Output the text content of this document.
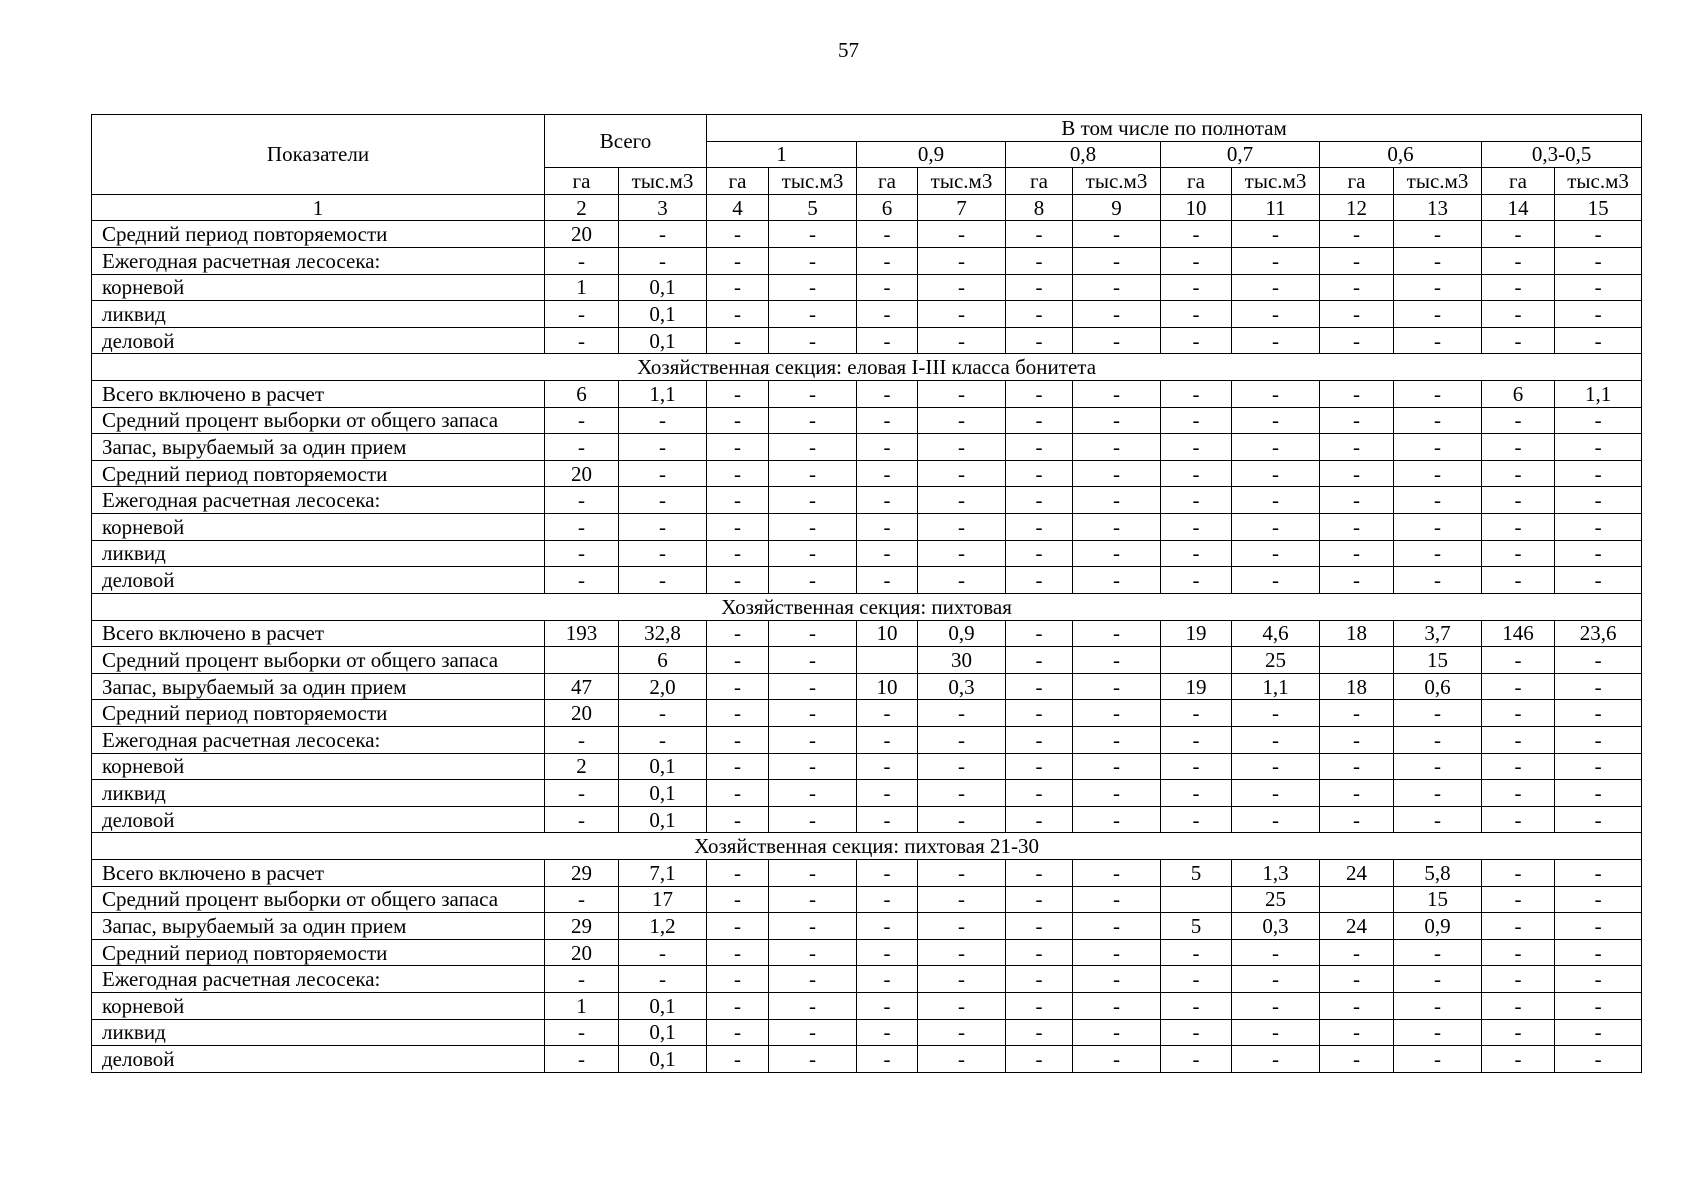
57
Показатели	Всего		В том числе по полнотам											
			1		0,9		0,8		0,7		0,6		0,3-0,5	
	га	тыс.м3	га	тыс.м3	га	тыс.м3	га	тыс.м3	га	тыс.м3	га	тыс.м3	га	тыс.м3
1	2	3	4	5	6	7	8	9	10	11	12	13	14	15
Средний период повторяемости	20	-	-	-	-	-	-	-	-	-	-	-	-	-
Ежегодная расчетная лесосека:	-	-	-	-	-	-	-	-	-	-	-	-	-	-
корневой	1	0,1	-	-	-	-	-	-	-	-	-	-	-	-
ликвид	-	0,1	-	-	-	-	-	-	-	-	-	-	-	-
деловой	-	0,1	-	-	-	-	-	-	-	-	-	-	-	-
Хозяйственная секция: еловая I-III класса бонитета														
Всего включено в расчет	6	1,1	-	-	-	-	-	-	-	-	-	-	6	1,1
Средний процент выборки от общего запаса	-	-	-	-	-	-	-	-	-	-	-	-	-	-
Запас, вырубаемый за один прием	-	-	-	-	-	-	-	-	-	-	-	-	-	-
Средний период повторяемости	20	-	-	-	-	-	-	-	-	-	-	-	-	-
Ежегодная расчетная лесосека:	-	-	-	-	-	-	-	-	-	-	-	-	-	-
корневой	-	-	-	-	-	-	-	-	-	-	-	-	-	-
ликвид	-	-	-	-	-	-	-	-	-	-	-	-	-	-
деловой	-	-	-	-	-	-	-	-	-	-	-	-	-	-
Хозяйственная секция: пихтовая														
Всего включено в расчет	193	32,8	-	-	10	0,9	-	-	19	4,6	18	3,7	146	23,6
Средний процент выборки от общего запаса		6	-	-		30	-	-		25		15	-	-
Запас, вырубаемый за один прием	47	2,0	-	-	10	0,3	-	-	19	1,1	18	0,6	-	-
Средний период повторяемости	20	-	-	-	-	-	-	-	-	-	-	-	-	-
Ежегодная расчетная лесосека:	-	-	-	-	-	-	-	-	-	-	-	-	-	-
корневой	2	0,1	-	-	-	-	-	-	-	-	-	-	-	-
ликвид	-	0,1	-	-	-	-	-	-	-	-	-	-	-	-
деловой	-	0,1	-	-	-	-	-	-	-	-	-	-	-	-
Хозяйственная секция: пихтовая 21-30														
Всего включено в расчет	29	7,1	-	-	-	-	-	-	5	1,3	24	5,8	-	-
Средний процент выборки от общего запаса	-	17	-	-	-	-	-	-		25		15	-	-
Запас, вырубаемый за один прием	29	1,2	-	-	-	-	-	-	5	0,3	24	0,9	-	-
Средний период повторяемости	20	-	-	-	-	-	-	-	-	-	-	-	-	-
Ежегодная расчетная лесосека:	-	-	-	-	-	-	-	-	-	-	-	-	-	-
корневой	1	0,1	-	-	-	-	-	-	-	-	-	-	-	-
ликвид	-	0,1	-	-	-	-	-	-	-	-	-	-	-	-
деловой	-	0,1	-	-	-	-	-	-	-	-	-	-	-	-
